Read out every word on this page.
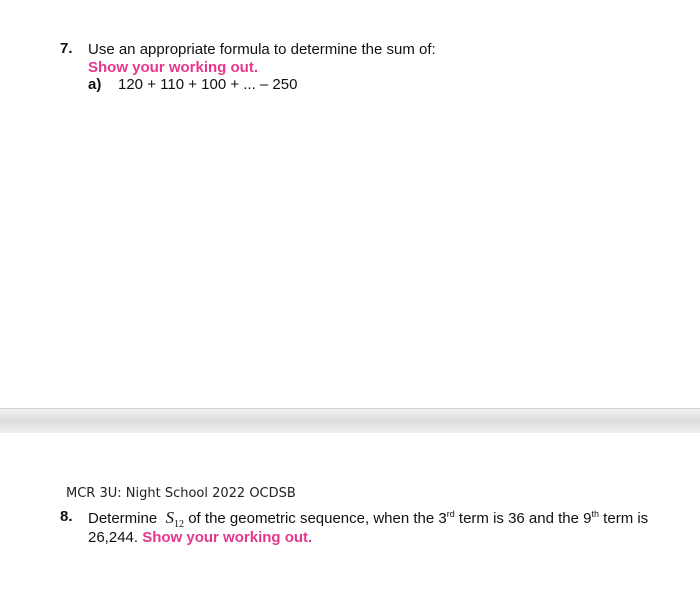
7. Use an appropriate formula to determine the sum of:
Show your working out.
a) 120 + 110 + 100 + ... – 250
MCR 3U: Night School 2022 OCDSB
8. Determine $S_{12}$ of the geometric sequence, when the 3rd term is 36 and the 9th term is
26,244. Show your working out.
